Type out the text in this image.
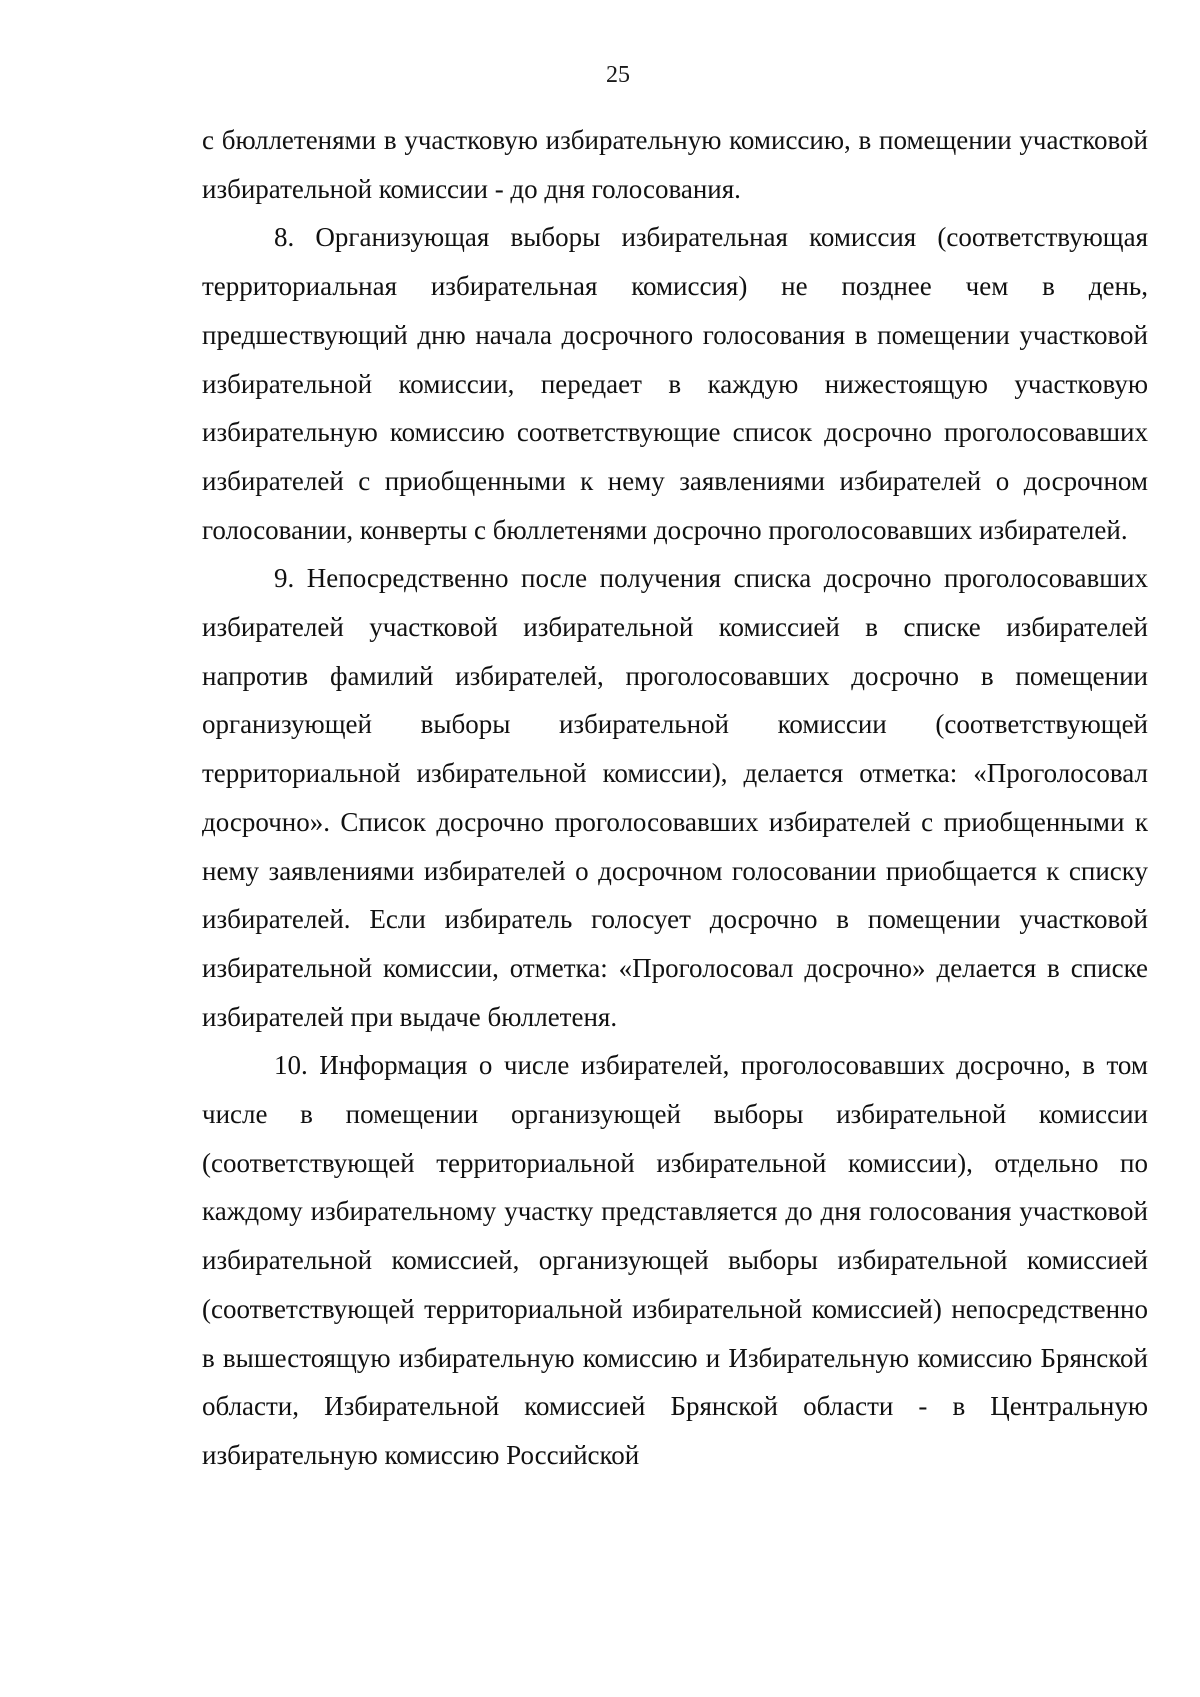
25

с бюллетенями в участковую избирательную комиссию, в помещении участковой избирательной комиссии - до дня голосования.

8. Организующая выборы избирательная комиссия (соответствующая территориальная избирательная комиссия) не позднее чем в день, предшествующий дню начала досрочного голосования в помещении участковой избирательной комиссии, передает в каждую нижестоящую участковую избирательную комиссию соответствующие список досрочно проголосовавших избирателей с приобщенными к нему заявлениями избирателей о досрочном голосовании, конверты с бюллетенями досрочно проголосовавших избирателей.

9. Непосредственно после получения списка досрочно проголосовавших избирателей участковой избирательной комиссией в списке избирателей напротив фамилий избирателей, проголосовавших досрочно в помещении организующей выборы избирательной комиссии (соответствующей территориальной избирательной комиссии), делается отметка: «Проголосовал досрочно». Список досрочно проголосовавших избирателей с приобщенными к нему заявлениями избирателей о досрочном голосовании приобщается к списку избирателей. Если избиратель голосует досрочно в помещении участковой избирательной комиссии, отметка: «Проголосовал досрочно» делается в списке избирателей при выдаче бюллетеня.

10. Информация о числе избирателей, проголосовавших досрочно, в том числе в помещении организующей выборы избирательной комиссии (соответствующей территориальной избирательной комиссии), отдельно по каждому избирательному участку представляется до дня голосования участковой избирательной комиссией, организующей выборы избирательной комиссией (соответствующей территориальной избирательной комиссией) непосредственно в вышестоящую избирательную комиссию и Избирательную комиссию Брянской области, Избирательной комиссией Брянской области - в Центральную избирательную комиссию Российской
